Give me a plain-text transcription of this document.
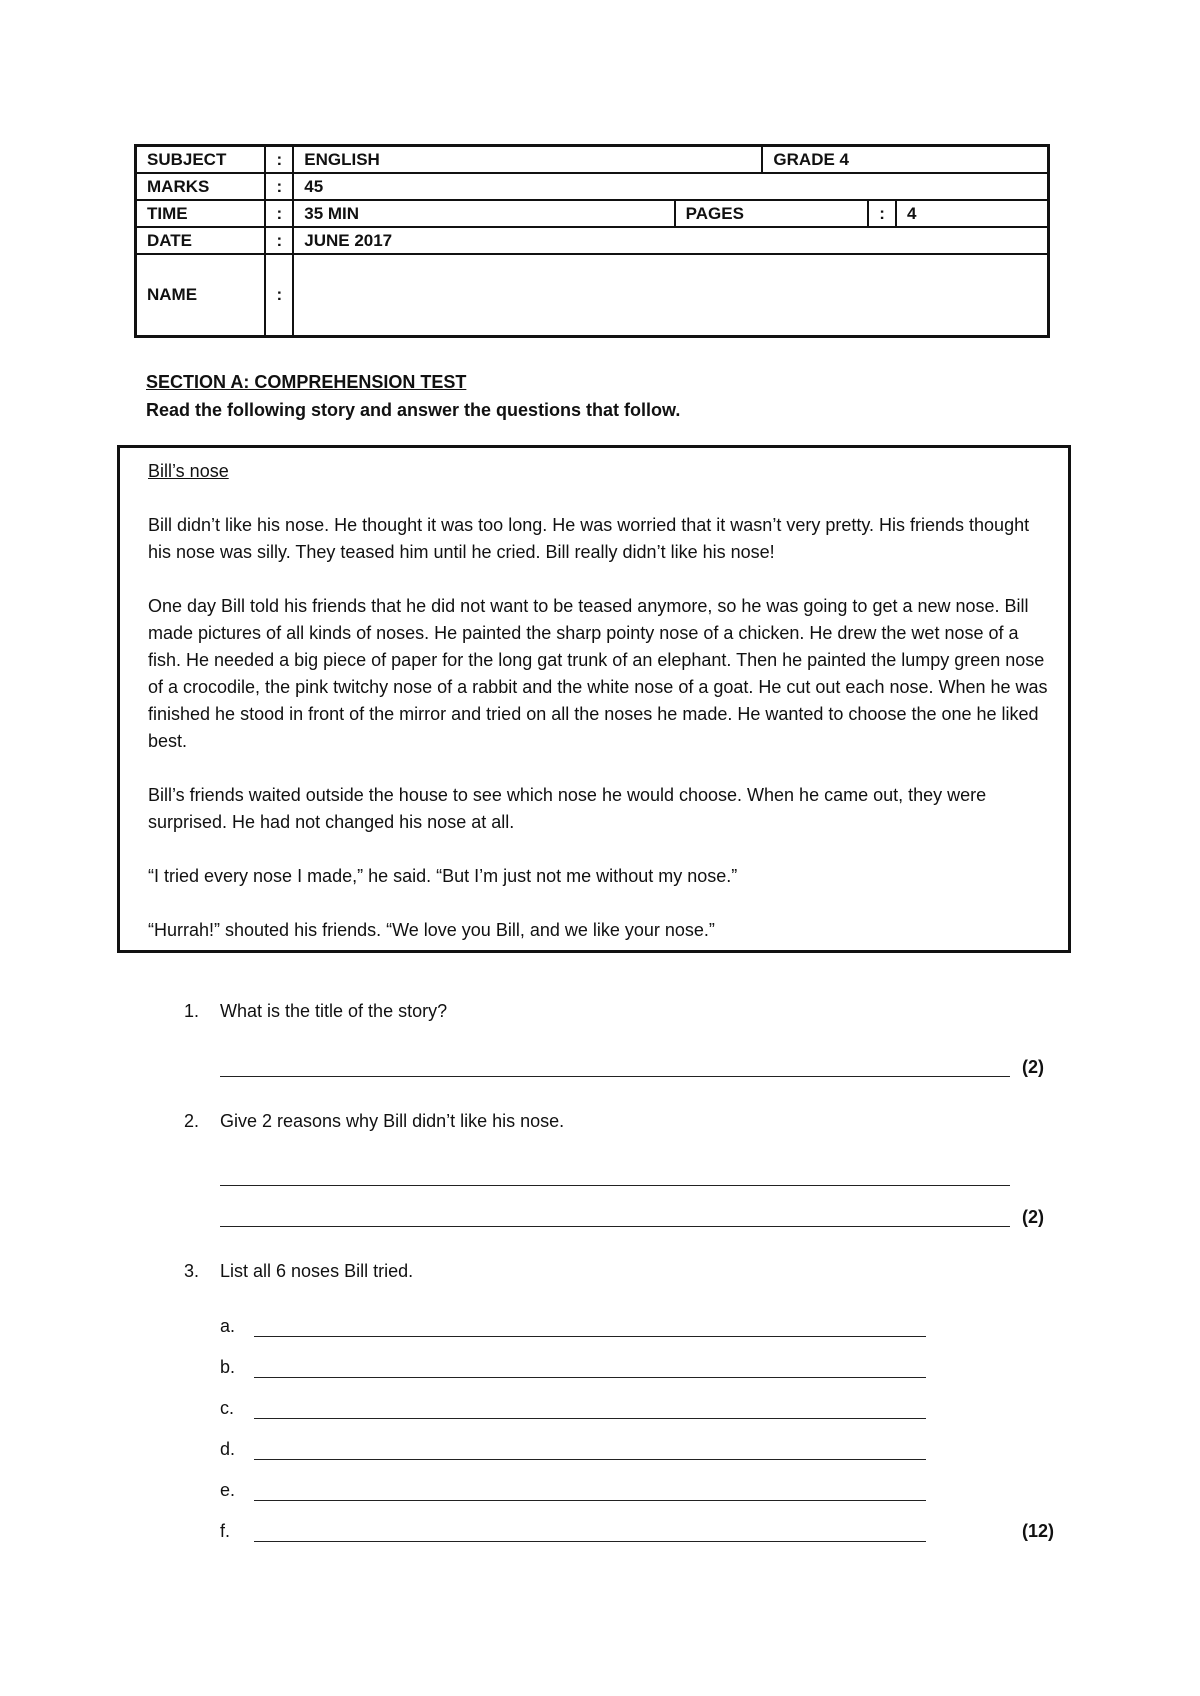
SUBJECT	:	ENGLISH		GRADE 4		
MARKS	:	45				
TIME	:	35 MIN	PAGES		:	4
DATE	:	JUNE 2017				
NAME	:					
SECTION A: COMPREHENSION TEST
Read the following story and answer the questions that follow.
Bill’s nose

Bill didn’t like his nose. He thought it was too long. He was worried that it wasn’t very pretty. His friends thought his nose was silly. They teased him until he cried. Bill really didn’t like his nose!

One day Bill told his friends that he did not want to be teased anymore, so he was going to get a new nose. Bill made pictures of all kinds of noses. He painted the sharp pointy nose of a chicken. He drew the wet nose of a fish. He needed a big piece of paper for the long gat trunk of an elephant. Then he painted the lumpy green nose of a crocodile, the pink twitchy nose of a rabbit and the white nose of a goat. He cut out each nose. When he was finished he stood in front of the mirror and tried on all the noses he made. He wanted to choose the one he liked best.

Bill’s friends waited outside the house to see which nose he would choose. When he came out, they were surprised. He had not changed his nose at all.

“I tried every nose I made,” he said. “But I’m just not me without my nose.”

“Hurrah!” shouted his friends. “We love you Bill, and we like your nose.”

1.	What is the title of the story?
(2)
2.	Give 2 reasons why Bill didn’t like his nose.
(2)
3.	List all 6 noses Bill tried.
a.
b.
c.
d.
e.
f.	(12)
